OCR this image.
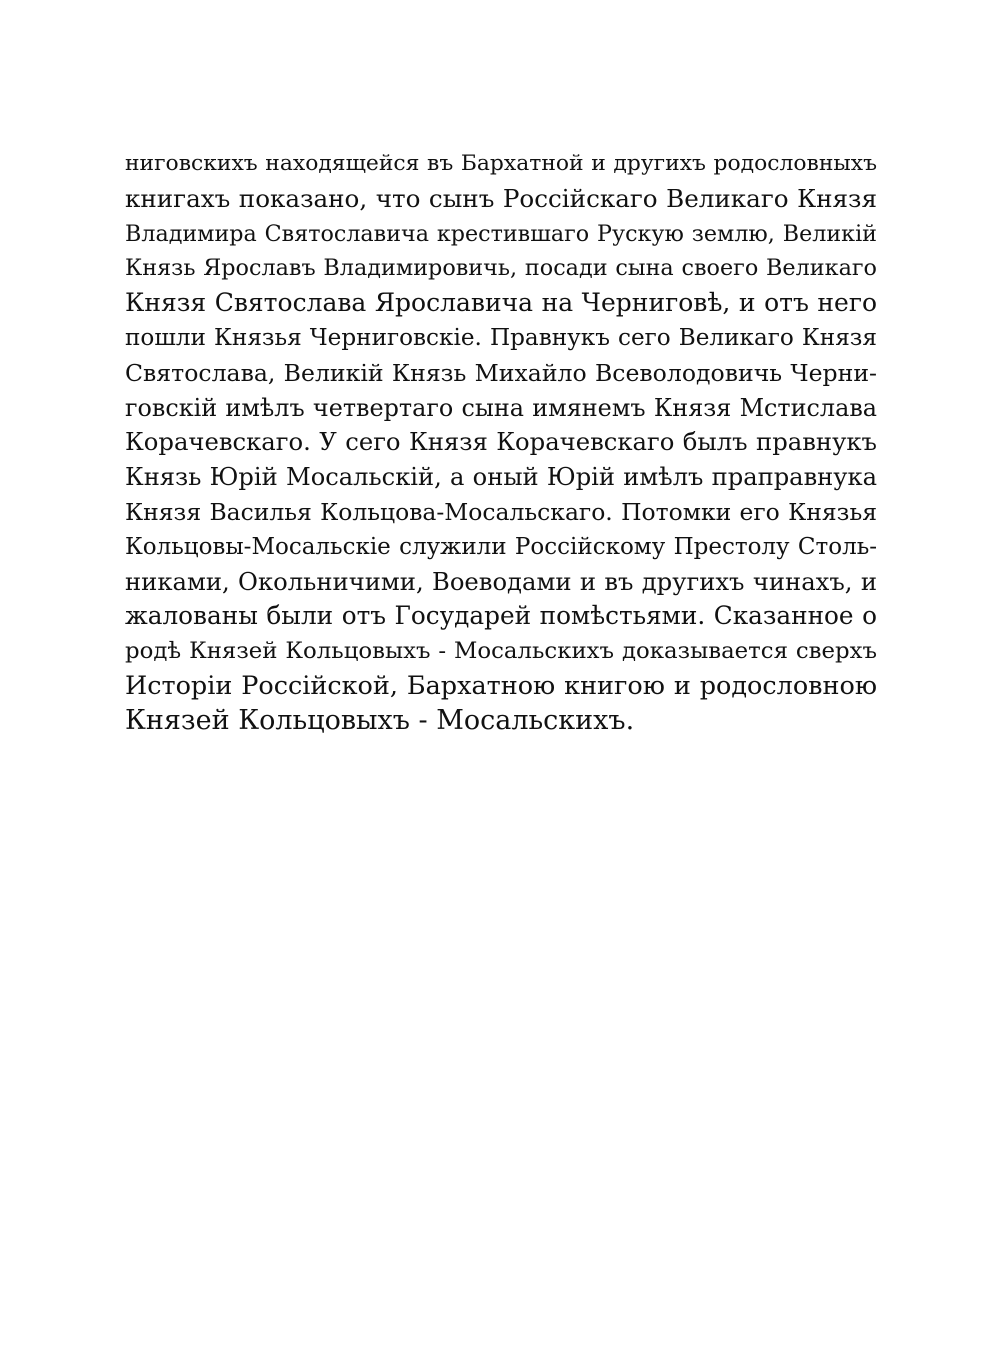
ниговскихъ находящейся въ Бархатной и другихъ родословныхъ
книгахъ показано, что сынъ Россійскаго Великаго Князя
Владимира Святославича крестившаго Рускую землю, Великій
Князь Ярославъ Владимировичь, посади сына своего Великаго
Князя Святослава Ярославича на Черниговѣ, и отъ него
пошли Князья Черниговскіе. Правнукъ сего Великаго Князя
Святослава, Великій Князь Михайло Всеволодовичь Черни-
говскій имѣлъ четвертаго сына имянемъ Князя Мстислава
Корачевскаго. У сего Князя Корачевскаго былъ правнукъ
Князь Юрій Мосальскій, а оный Юрій имѣлъ праправнука
Князя Василья Кольцова-Мосальскаго. Потомки его Князья
Кольцовы-Мосальскіе служили Россійскому Престолу Столь-
никами, Окольничими, Воеводами и въ другихъ чинахъ, и
жалованы были отъ Государей помѣстьями. Сказанное о
родѣ Князей Кольцовыхъ - Мосальскихъ доказывается сверхъ
Исторіи Россійской, Бархатною книгою и родословною
Князей Кольцовыхъ - Мосальскихъ.
